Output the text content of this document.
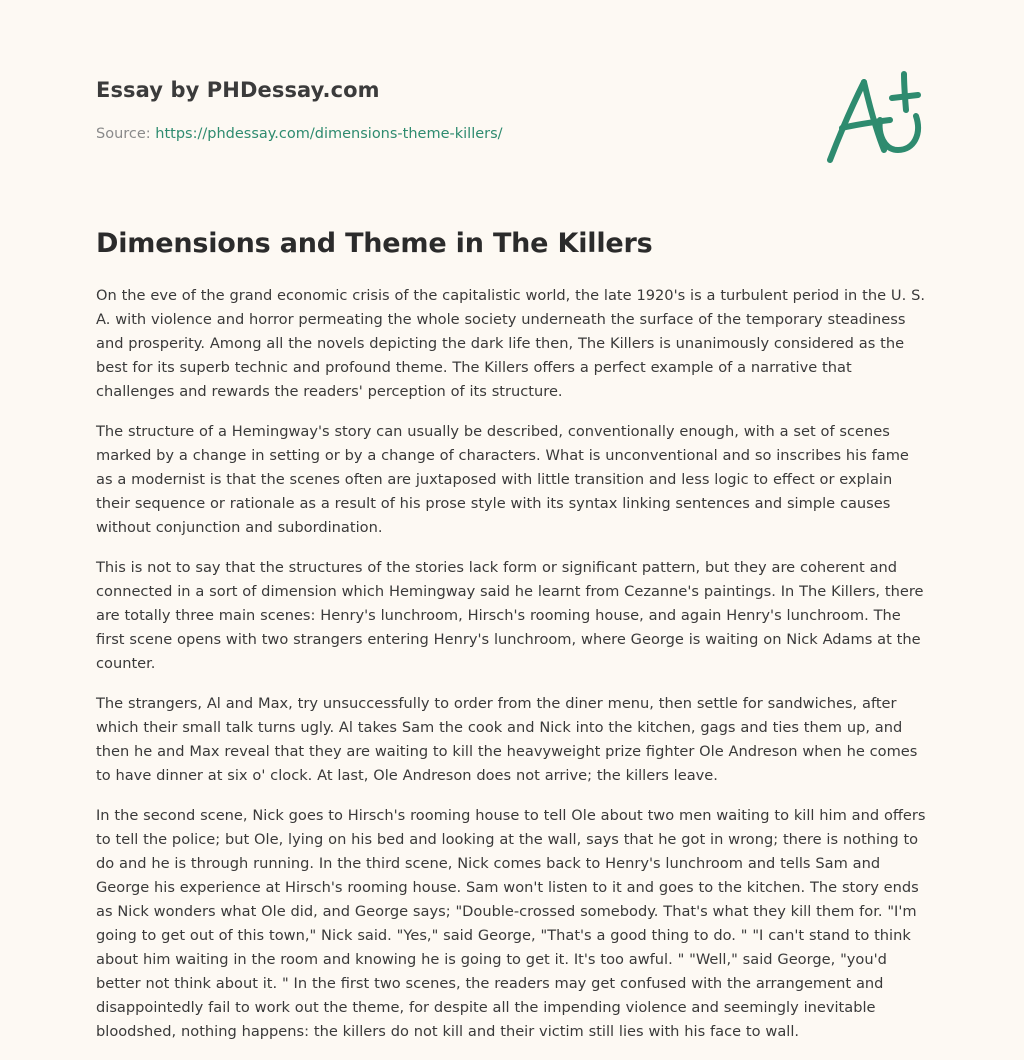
Essay by PHDessay.com
Source: https://phdessay.com/dimensions-theme-killers/
Dimensions and Theme in The Killers

On the eve of the grand economic crisis of the capitalistic world, the late 1920's is a turbulent period in the U. S. A. with violence and horror permeating the whole society underneath the surface of the temporary steadiness and prosperity. Among all the novels depicting the dark life then, The Killers is unanimously considered as the best for its superb technic and profound theme. The Killers offers a perfect example of a narrative that challenges and rewards the readers' perception of its structure.

The structure of a Hemingway's story can usually be described, conventionally enough, with a set of scenes marked by a change in setting or by a change of characters. What is unconventional and so inscribes his fame as a modernist is that the scenes often are juxtaposed with little transition and less logic to effect or explain their sequence or rationale as a result of his prose style with its syntax linking sentences and simple causes without conjunction and subordination.

This is not to say that the structures of the stories lack form or significant pattern, but they are coherent and connected in a sort of dimension which Hemingway said he learnt from Cezanne's paintings. In The Killers, there are totally three main scenes: Henry's lunchroom, Hirsch's rooming house, and again Henry's lunchroom. The first scene opens with two strangers entering Henry's lunchroom, where George is waiting on Nick Adams at the counter.

The strangers, Al and Max, try unsuccessfully to order from the diner menu, then settle for sandwiches, after which their small talk turns ugly. Al takes Sam the cook and Nick into the kitchen, gags and ties them up, and then he and Max reveal that they are waiting to kill the heavyweight prize fighter Ole Andreson when he comes to have dinner at six o' clock. At last, Ole Andreson does not arrive; the killers leave.

In the second scene, Nick goes to Hirsch's rooming house to tell Ole about two men waiting to kill him and offers to tell the police; but Ole, lying on his bed and looking at the wall, says that he got in wrong; there is nothing to do and he is through running. In the third scene, Nick comes back to Henry's lunchroom and tells Sam and George his experience at Hirsch's rooming house. Sam won't listen to it and goes to the kitchen. The story ends as Nick wonders what Ole did, and George says; "Double-crossed somebody. That's what they kill them for. "I'm going to get out of this town," Nick said. "Yes," said George, "That's a good thing to do. " "I can't stand to think about him waiting in the room and knowing he is going to get it. It's too awful. " "Well," said George, "you'd better not think about it. " In the first two scenes, the readers may get confused with the arrangement and disappointedly fail to work out the theme, for despite all the impending violence and seemingly inevitable bloodshed, nothing happens: the killers do not kill and their victim still lies with his face to wall.
